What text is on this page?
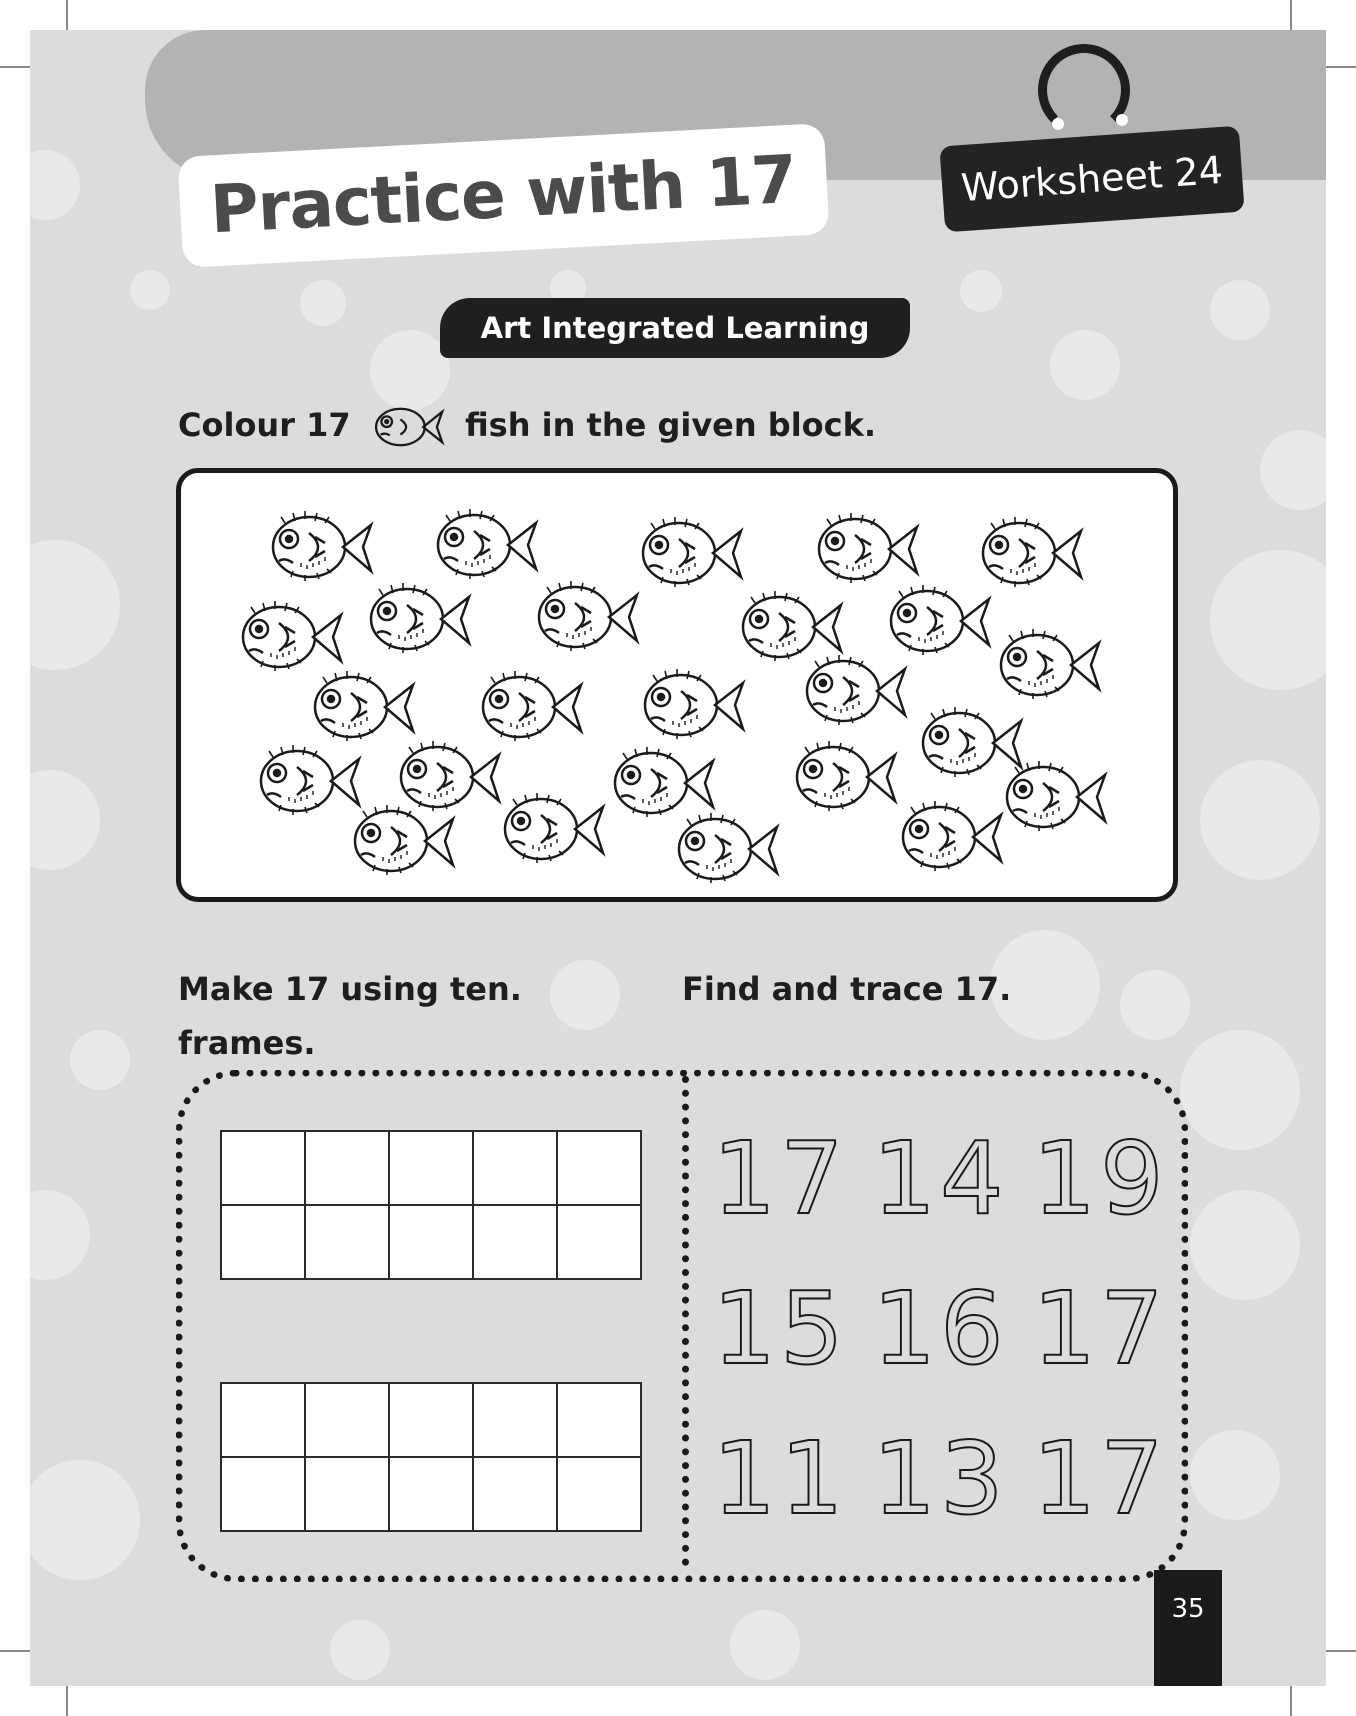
Practice with 17	Worksheet 24
Art Integrated Learning
Colour 17	fish in the given block.
Make 17 using ten.
frames.
Find and trace 17.

17 14 19
15 16 17
11 13 17
35
